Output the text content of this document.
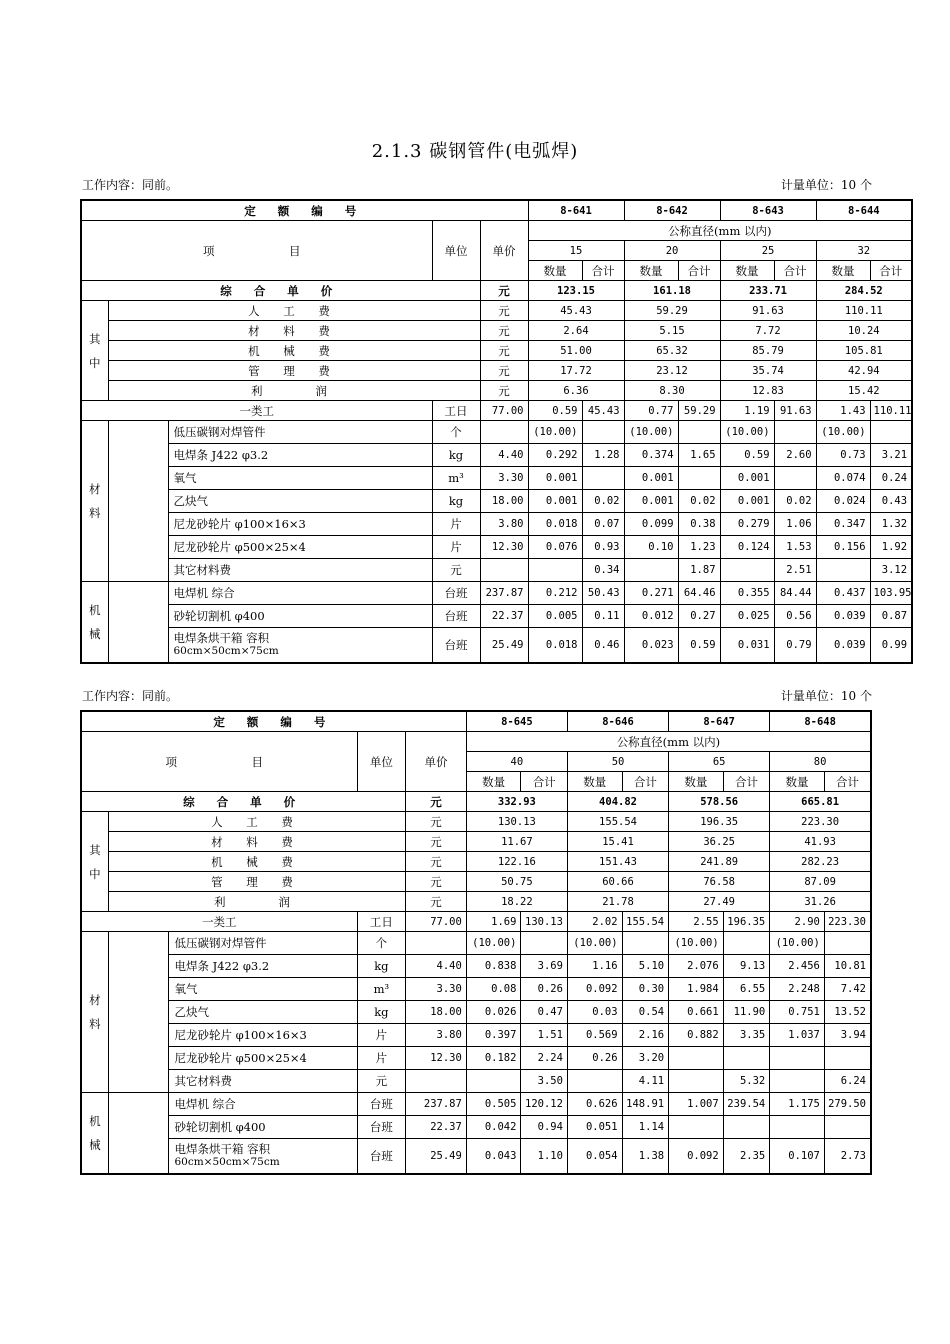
2.1.3 碳钢管件(电弧焊)
工作内容：同前。	计量单位：10 个
定 额 编 号					8-641		8-642		8-643		8-644	
项　　　目			单位	单价	公称直径(mm 以内)							
					15		20		25		32	
					数量	合计	数量	合计	数量	合计	数量	合计
综 合 单 价				元	123.15		161.18		233.71		284.52	
其中	人 工 费			元	45.43		59.29		91.63		110.11	
	材 料 费			元	2.64		5.15		7.72		10.24	
	机 械 费			元	51.00		65.32		85.79		105.81	
	管 理 费			元	17.72		23.12		35.74		42.94	
	利　　润			元	6.36		8.30		12.83		15.42	
一类工			工日	77.00	0.59	45.43	0.77	59.29	1.19	91.63	1.43	110.11
材料		低压碳钢对焊管件	个		(10.00)		(10.00)		(10.00)		(10.00)	
		电焊条 J422 φ3.2	kg	4.40	0.292	1.28	0.374	1.65	0.59	2.60	0.73	3.21
		氧气	m³	3.30	0.001		0.001		0.001		0.074	0.24
		乙炔气	kg	18.00	0.001	0.02	0.001	0.02	0.001	0.02	0.024	0.43
		尼龙砂轮片 φ100×16×3	片	3.80	0.018	0.07	0.099	0.38	0.279	1.06	0.347	1.32
		尼龙砂轮片 φ500×25×4	片	12.30	0.076	0.93	0.10	1.23	0.124	1.53	0.156	1.92
		其它材料费	元			0.34		1.87		2.51		3.12
机械		电焊机 综合	台班	237.87	0.212	50.43	0.271	64.46	0.355	84.44	0.437	103.95
		砂轮切割机 φ400	台班	22.37	0.005	0.11	0.012	0.27	0.025	0.56	0.039	0.87

		电焊条烘干箱 容积
60cm×50cm×75cm	台班	25.49	0.018	0.46	0.023	0.59	0.031	0.79	0.039	0.99
工作内容：同前。	计量单位：10 个
定 额 编 号					8-645		8-646		8-647		8-648	
项　　　目			单位	单价	公称直径(mm 以内)							
					40		50		65		80	
					数量	合计	数量	合计	数量	合计	数量	合计
综 合 单 价				元	332.93		404.82		578.56		665.81	
其中	人 工 费			元	130.13		155.54		196.35		223.30	
	材 料 费			元	11.67		15.41		36.25		41.93	
	机 械 费			元	122.16		151.43		241.89		282.23	
	管 理 费			元	50.75		60.66		76.58		87.09	
	利　　润			元	18.22		21.78		27.49		31.26	
一类工			工日	77.00	1.69	130.13	2.02	155.54	2.55	196.35	2.90	223.30
材料		低压碳钢对焊管件	个		(10.00)		(10.00)		(10.00)		(10.00)	
		电焊条 J422 φ3.2	kg	4.40	0.838	3.69	1.16	5.10	2.076	9.13	2.456	10.81
		氧气	m³	3.30	0.08	0.26	0.092	0.30	1.984	6.55	2.248	7.42
		乙炔气	kg	18.00	0.026	0.47	0.03	0.54	0.661	11.90	0.751	13.52
		尼龙砂轮片 φ100×16×3	片	3.80	0.397	1.51	0.569	2.16	0.882	3.35	1.037	3.94
		尼龙砂轮片 φ500×25×4	片	12.30	0.182	2.24	0.26	3.20				
		其它材料费	元			3.50		4.11		5.32		6.24
机械		电焊机 综合	台班	237.87	0.505	120.12	0.626	148.91	1.007	239.54	1.175	279.50
		砂轮切割机 φ400	台班	22.37	0.042	0.94	0.051	1.14				

		电焊条烘干箱 容积
60cm×50cm×75cm	台班	25.49	0.043	1.10	0.054	1.38	0.092	2.35	0.107	2.73
